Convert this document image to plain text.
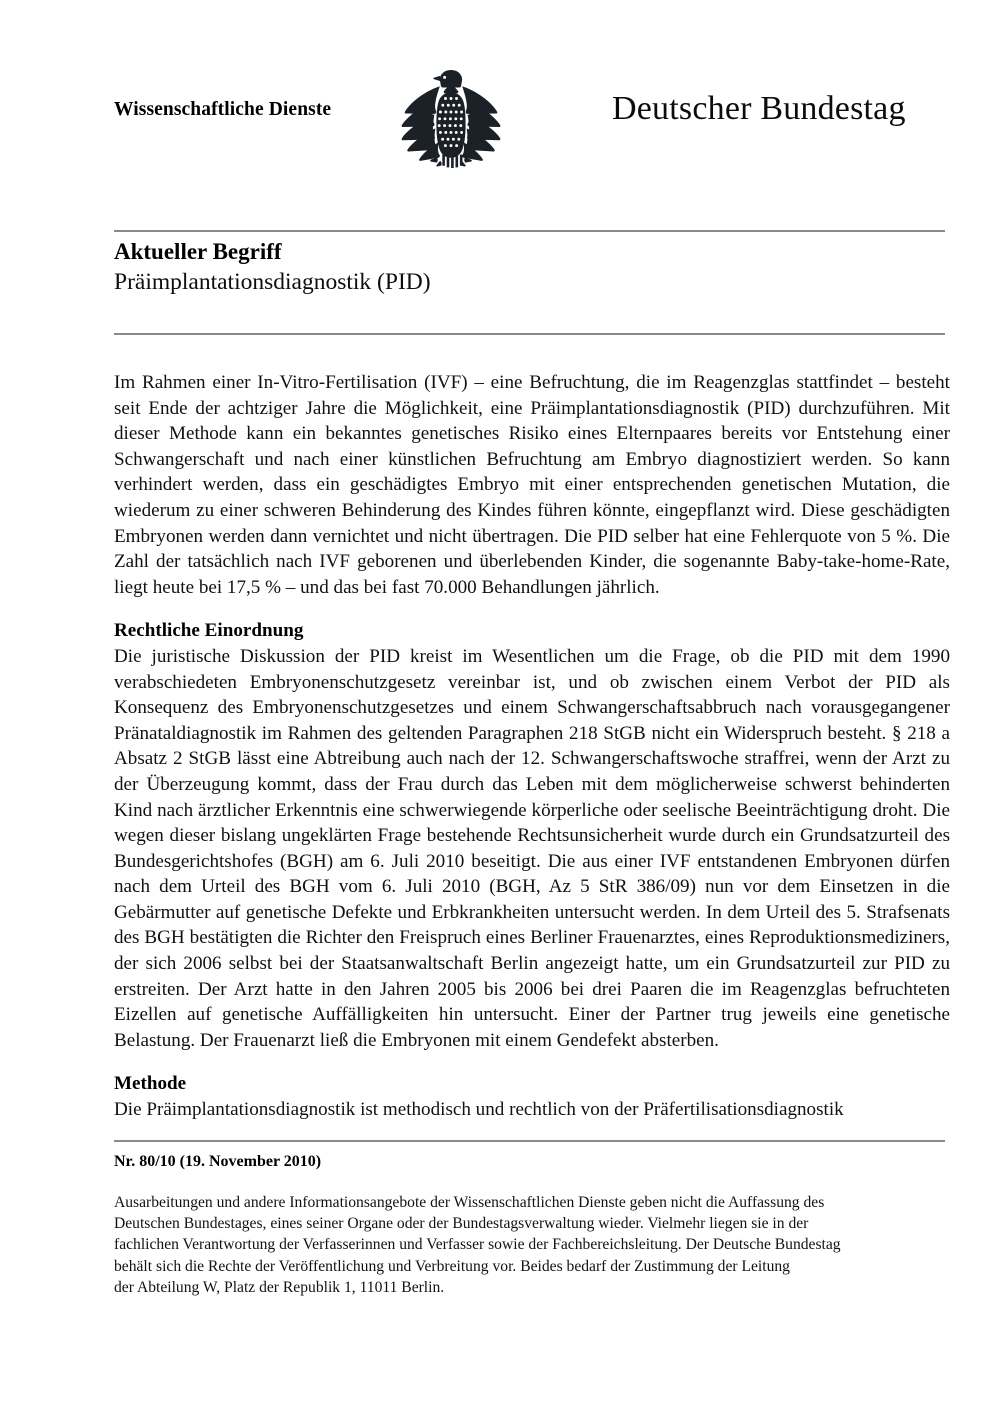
Wissenschaftliche Dienste	Deutscher Bundestag
Aktueller Begriff
Präimplantationsdiagnostik (PID)

Im Rahmen einer In-Vitro-Fertilisation (IVF) – eine Befruchtung, die im Reagenzglas stattfindet – besteht seit Ende der achtziger Jahre die Möglichkeit, eine Präimplantationsdiagnostik (PID) durchzuführen. Mit dieser Methode kann ein bekanntes genetisches Risiko eines Elternpaares bereits vor Entstehung einer Schwangerschaft und nach einer künstlichen Befruchtung am Embryo diagnostiziert werden. So kann verhindert werden, dass ein geschädigtes Embryo mit einer entsprechenden genetischen Mutation, die wiederum zu einer schweren Behinderung des Kindes führen könnte, eingepflanzt wird. Diese geschädigten Embryonen werden dann vernichtet und nicht übertragen. Die PID selber hat eine Fehlerquote von 5 %. Die Zahl der tatsächlich nach IVF geborenen und überlebenden Kinder, die sogenannte Baby-take-home-Rate, liegt heute bei 17,5 % – und das bei fast 70.000 Behandlungen jährlich.

Rechtliche Einordnung

Die juristische Diskussion der PID kreist im Wesentlichen um die Frage, ob die PID mit dem 1990 verabschiedeten Embryonenschutzgesetz vereinbar ist, und ob zwischen einem Verbot der PID als Konsequenz des Embryonenschutzgesetzes und einem Schwangerschaftsabbruch nach vorausgegangener Pränataldiagnostik im Rahmen des geltenden Paragraphen 218 StGB nicht ein Widerspruch besteht. § 218 a Absatz 2 StGB lässt eine Abtreibung auch nach der 12. Schwangerschaftswoche straffrei, wenn der Arzt zu der Überzeugung kommt, dass der Frau durch das Leben mit dem möglicherweise schwerst behinderten Kind nach ärztlicher Erkenntnis eine schwerwiegende körperliche oder seelische Beeinträchtigung droht. Die wegen dieser bislang ungeklärten Frage bestehende Rechtsunsicherheit wurde durch ein Grundsatzurteil des Bundesgerichtshofes (BGH) am 6. Juli 2010 beseitigt. Die aus einer IVF entstandenen Embryonen dürfen nach dem Urteil des BGH vom 6. Juli 2010 (BGH, Az 5 StR 386/09) nun vor dem Einsetzen in die Gebärmutter auf genetische Defekte und Erbkrankheiten untersucht werden. In dem Urteil des 5. Strafsenats des BGH bestätigten die Richter den Freispruch eines Berliner Frauenarztes, eines Reproduktionsmediziners, der sich 2006 selbst bei der Staatsanwaltschaft Berlin angezeigt hatte, um ein Grundsatzurteil zur PID zu erstreiten. Der Arzt hatte in den Jahren 2005 bis 2006 bei drei Paaren die im Reagenzglas befruchteten Eizellen auf genetische Auffälligkeiten hin untersucht. Einer der Partner trug jeweils eine genetische Belastung. Der Frauenarzt ließ die Embryonen mit einem Gendefekt absterben.

Methode

Die Präimplantationsdiagnostik ist methodisch und rechtlich von der Präfertilisationsdiagnostik

Nr. 80/10 (19. November 2010)
Ausarbeitungen und andere Informationsangebote der Wissenschaftlichen Dienste geben nicht die Auffassung des
Deutschen Bundestages, eines seiner Organe oder der Bundestagsverwaltung wieder. Vielmehr liegen sie in der
fachlichen Verantwortung der Verfasserinnen und Verfasser sowie der Fachbereichsleitung. Der Deutsche Bundestag
behält sich die Rechte der Veröffentlichung und Verbreitung vor. Beides bedarf der Zustimmung der Leitung
der Abteilung W, Platz der Republik 1, 11011 Berlin.
